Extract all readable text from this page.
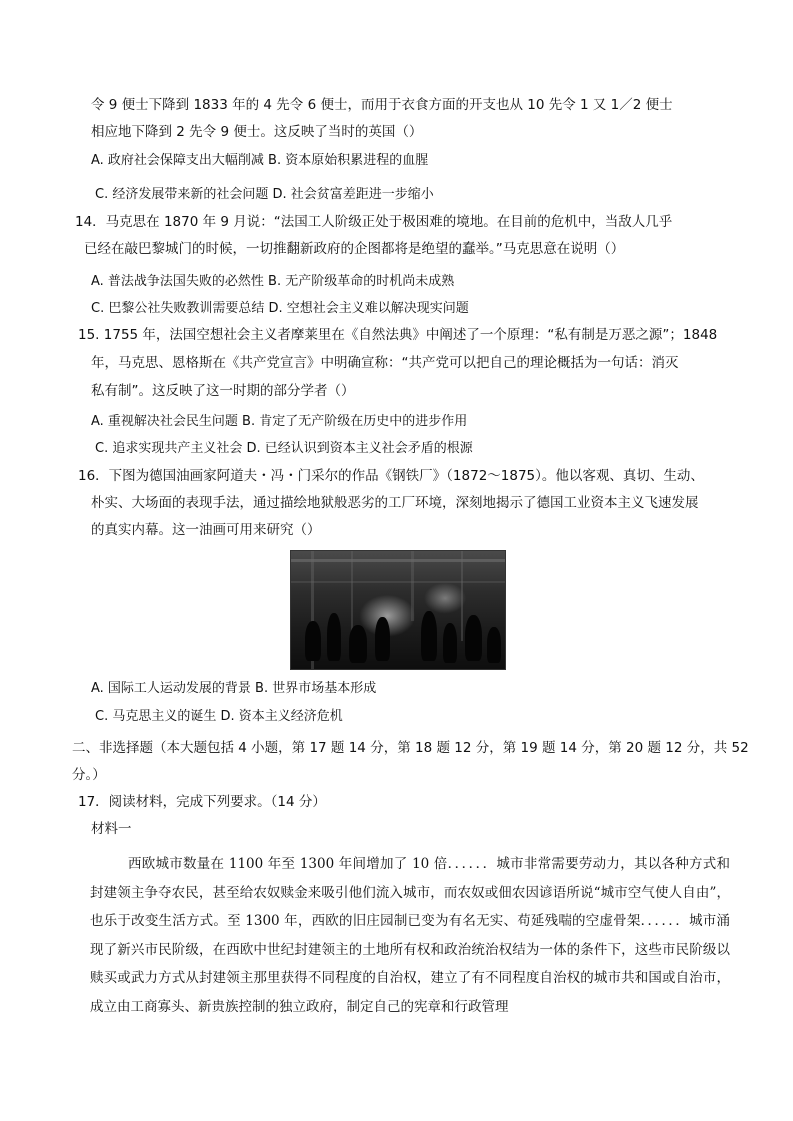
令 9 便士下降到 1833 年的 4 先令 6 便士，而用于衣食方面的开支也从 10 先令 1 又 1／2 便士
相应地下降到 2 先令 9 便士。这反映了当时的英国（）
A. 政府社会保障支出大幅削减 B. 资本原始积累进程的血腥
C. 经济发展带来新的社会问题 D. 社会贫富差距进一步缩小
14．马克思在 1870 年 9 月说：“法国工人阶级正处于极困难的境地。在目前的危机中，当敌人几乎
已经在敲巴黎城门的时候，一切推翻新政府的企图都将是绝望的蠢举。”马克思意在说明（）
A. 普法战争法国失败的必然性 B. 无产阶级革命的时机尚未成熟
C. 巴黎公社失败教训需要总结 D. 空想社会主义难以解决现实问题
15. 1755 年，法国空想社会主义者摩莱里在《自然法典》中阐述了一个原理：“私有制是万恶之源”；1848
年，马克思、恩格斯在《共产党宣言》中明确宣称：“共产党可以把自己的理论概括为一句话：消灭
私有制”。这反映了这一时期的部分学者（）
A. 重视解决社会民生问题 B. 肯定了无产阶级在历史中的进步作用
C. 追求实现共产主义社会 D. 已经认识到资本主义社会矛盾的根源
16．下图为德国油画家阿道夫・冯・门采尔的作品《钢铁厂》（1872～1875）。他以客观、真切、生动、
朴实、大场面的表现手法，通过描绘地狱般恶劣的工厂环境，深刻地揭示了德国工业资本主义飞速发展
的真实内幕。这一油画可用来研究（）
A. 国际工人运动发展的背景 B. 世界市场基本形成
C. 马克思主义的诞生 D. 资本主义经济危机
二、非选择题（本大题包括 4 小题，第 17 题 14 分，第 18 题 12 分，第 19 题 14 分，第 20 题 12 分，共 52
分。）
17．阅读材料，完成下列要求。（14 分）
材料一
西欧城市数量在 1100 年至 1300 年间增加了 10 倍．．．．．．城市非常需要劳动力，其以各种方式和封建领主争夺农民，甚至给农奴赎金来吸引他们流入城市，而农奴或佃农因谚语所说“城市空气使人自由”，也乐于改变生活方式。至 1300 年，西欧的旧庄园制已变为有名无实、苟延残喘的空虚骨架．．．．．．城市涌现了新兴市民阶级，在西欧中世纪封建领主的土地所有权和政治统治权结为一体的条件下，这些市民阶级以赎买或武力方式从封建领主那里获得不同程度的自治权，建立了有不同程度自治权的城市共和国或自治市，成立由工商寡头、新贵族控制的独立政府，制定自己的宪章和行政管理
